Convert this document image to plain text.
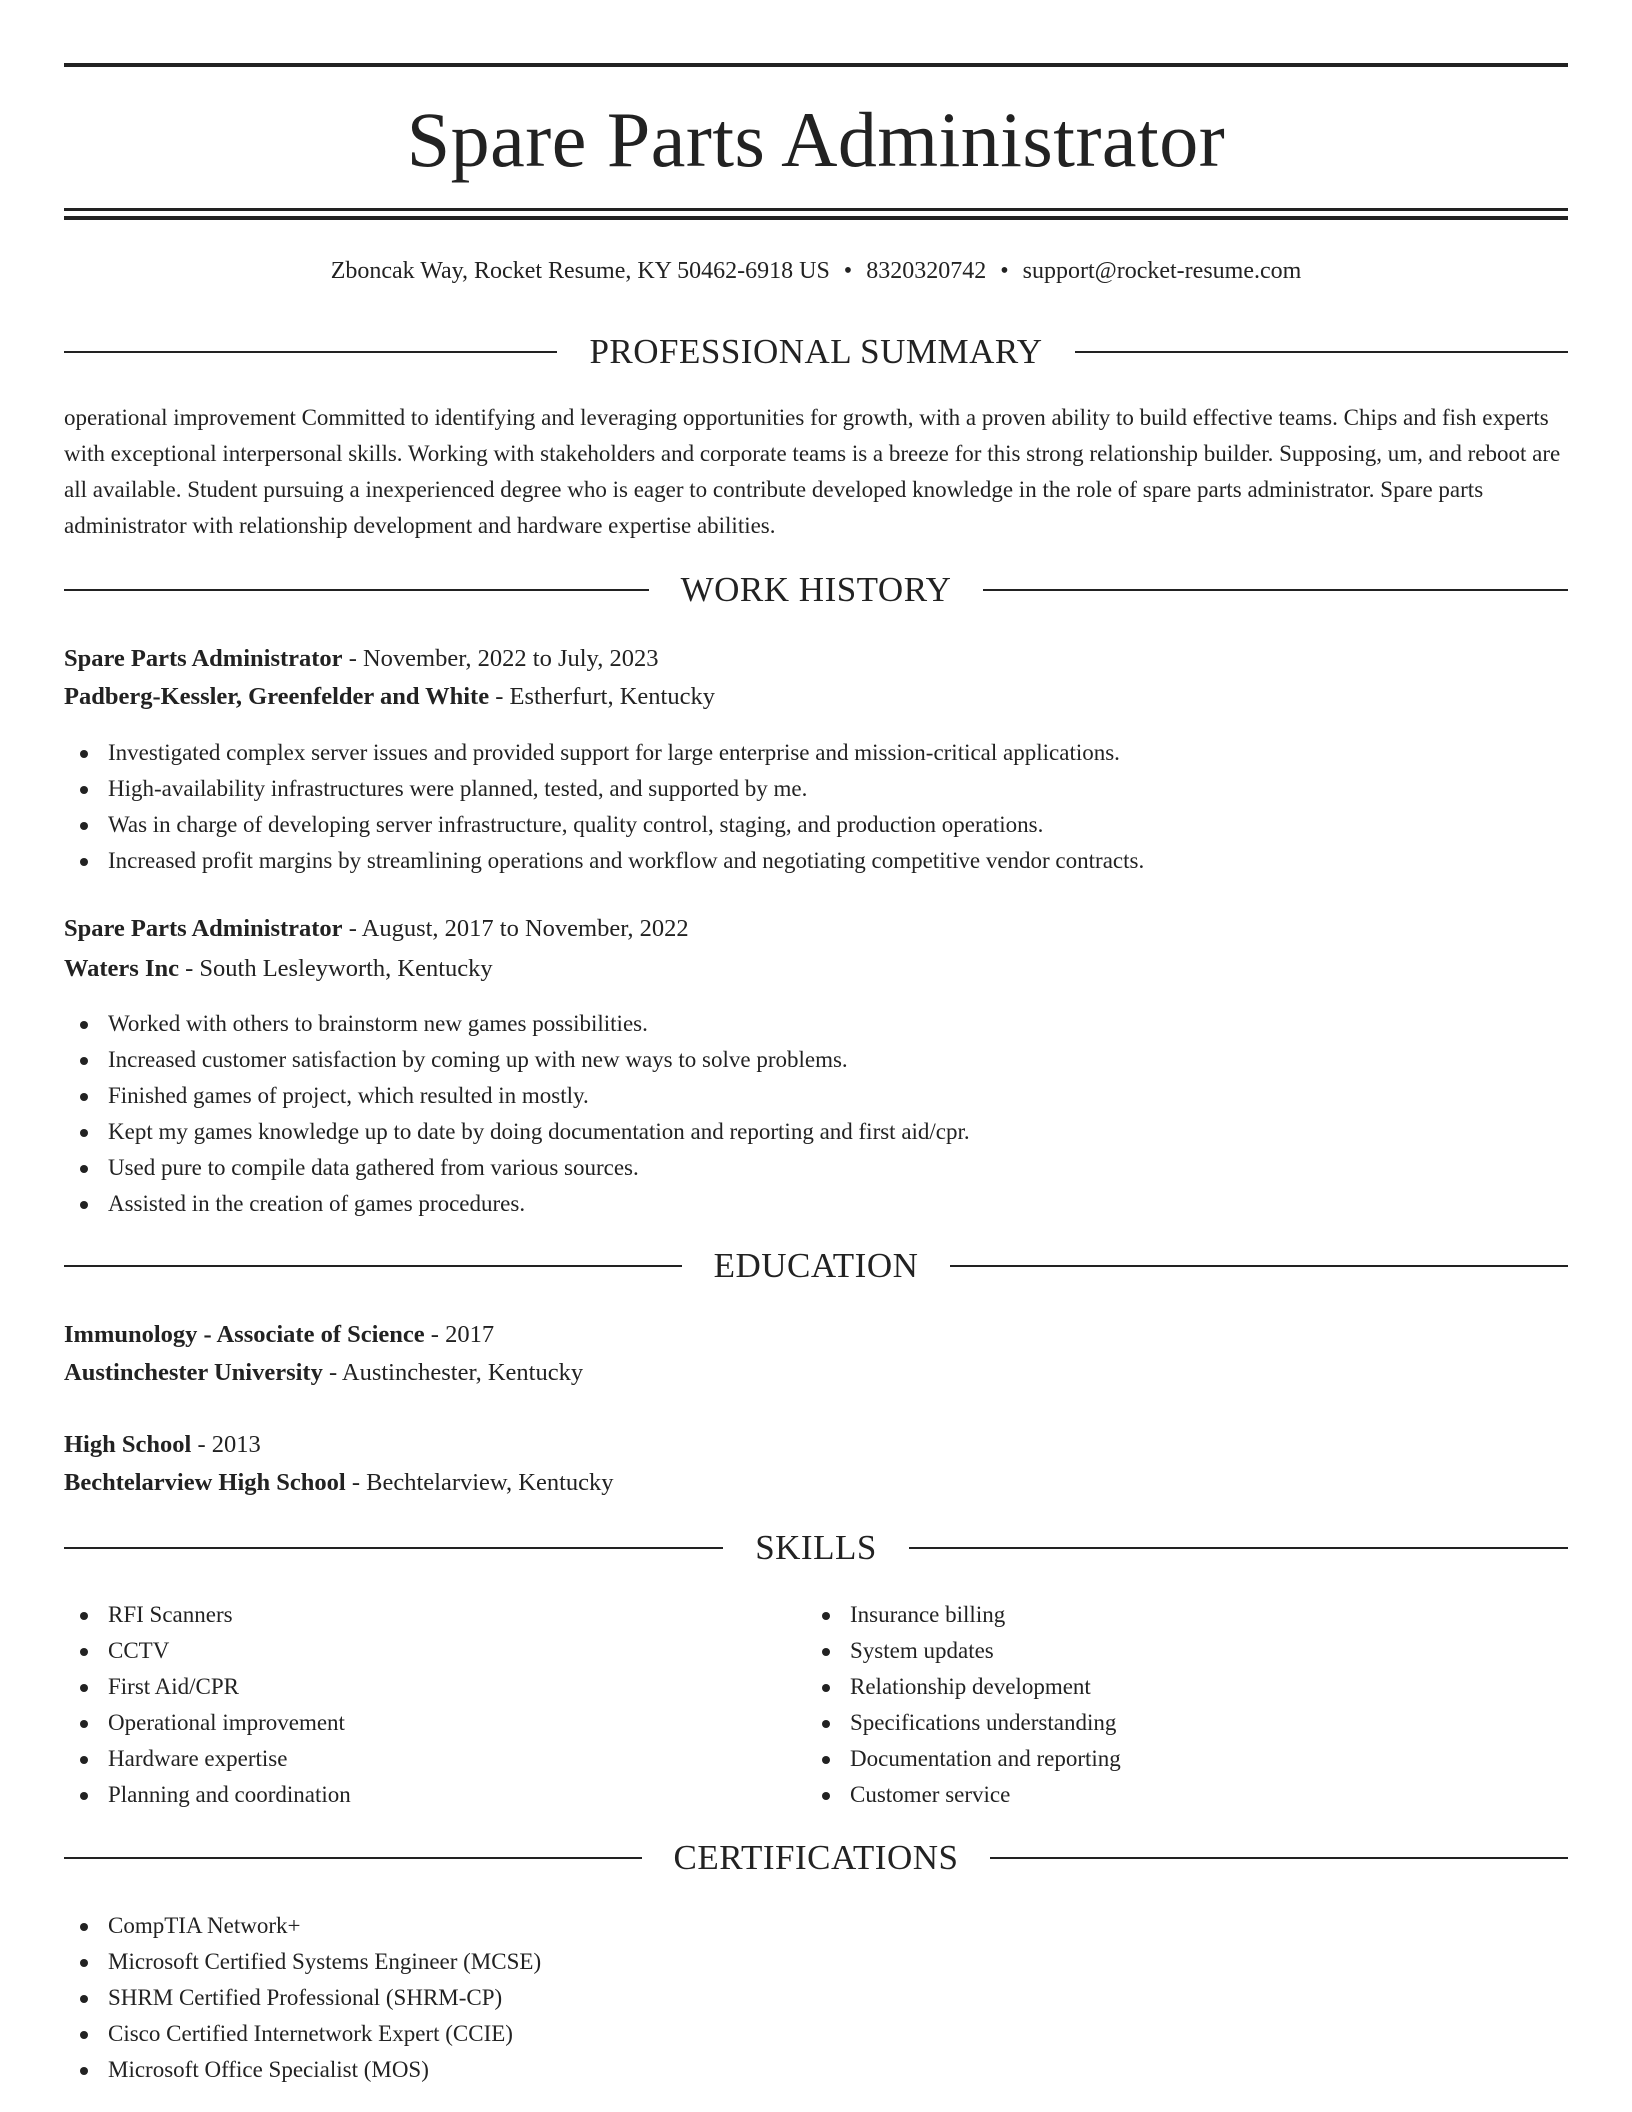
Spare Parts Administrator
Zboncak Way, Rocket Resume, KY 50462-6918 US • 8320320742 • support@rocket-resume.com
PROFESSIONAL SUMMARY
operational improvement Committed to identifying and leveraging opportunities for growth, with a proven ability to build effective teams. Chips and fish experts with exceptional interpersonal skills. Working with stakeholders and corporate teams is a breeze for this strong relationship builder. Supposing, um, and reboot are all available. Student pursuing a inexperienced degree who is eager to contribute developed knowledge in the role of spare parts administrator. Spare parts administrator with relationship development and hardware expertise abilities.
WORK HISTORY
Spare Parts Administrator - November, 2022 to July, 2023
Padberg-Kessler, Greenfelder and White - Estherfurt, Kentucky
Investigated complex server issues and provided support for large enterprise and mission-critical applications.
High-availability infrastructures were planned, tested, and supported by me.
Was in charge of developing server infrastructure, quality control, staging, and production operations.
Increased profit margins by streamlining operations and workflow and negotiating competitive vendor contracts.
Spare Parts Administrator - August, 2017 to November, 2022
Waters Inc - South Lesleyworth, Kentucky
Worked with others to brainstorm new games possibilities.
Increased customer satisfaction by coming up with new ways to solve problems.
Finished games of project, which resulted in mostly.
Kept my games knowledge up to date by doing documentation and reporting and first aid/cpr.
Used pure to compile data gathered from various sources.
Assisted in the creation of games procedures.
EDUCATION
Immunology - Associate of Science - 2017
Austinchester University - Austinchester, Kentucky
High School - 2013
Bechtelarview High School - Bechtelarview, Kentucky
SKILLS
RFI Scanners
CCTV
First Aid/CPR
Operational improvement
Hardware expertise
Planning and coordination
Insurance billing
System updates
Relationship development
Specifications understanding
Documentation and reporting
Customer service
CERTIFICATIONS
CompTIA Network+
Microsoft Certified Systems Engineer (MCSE)
SHRM Certified Professional (SHRM-CP)
Cisco Certified Internetwork Expert (CCIE)
Microsoft Office Specialist (MOS)
